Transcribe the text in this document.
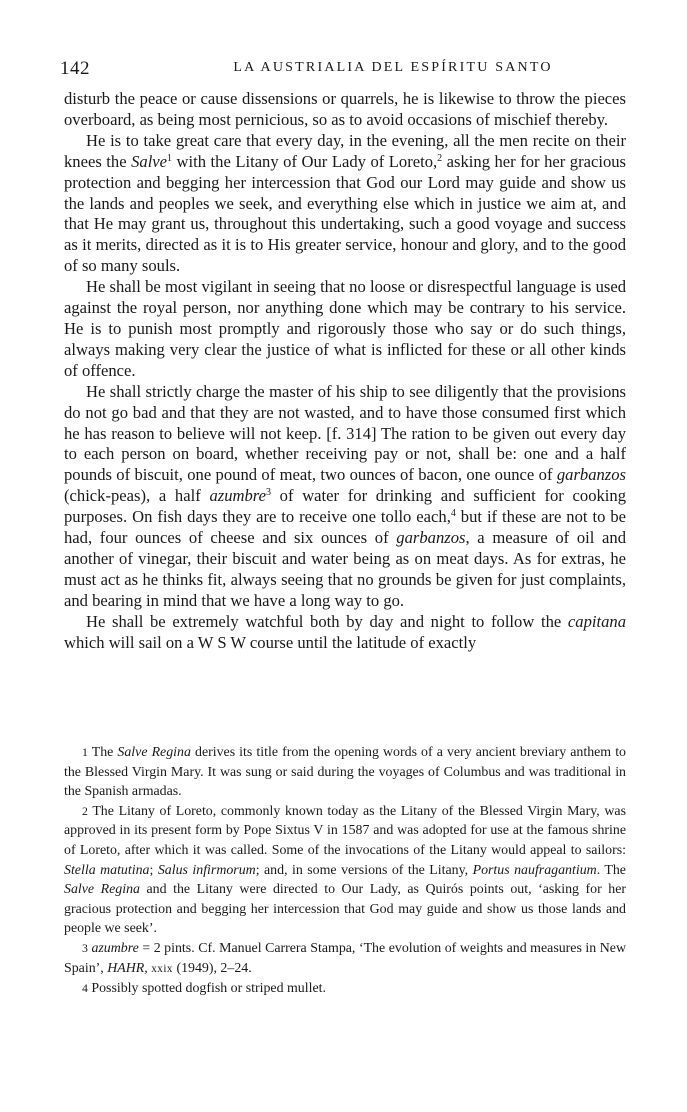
142	LA AUSTRIALIA DEL ESPÍRITU SANTO

disturb the peace or cause dissensions or quarrels, he is likewise to throw the pieces overboard, as being most pernicious, so as to avoid occasions of mischief thereby.

He is to take great care that every day, in the evening, all the men recite on their knees the Salve$^1$ with the Litany of Our Lady of Loreto,$^2$ asking her for her gracious protection and begging her intercession that God our Lord may guide and show us the lands and peoples we seek, and everything else which in justice we aim at, and that He may grant us, throughout this undertaking, such a good voyage and success as it merits, directed as it is to His greater service, honour and glory, and to the good of so many souls.

He shall be most vigilant in seeing that no loose or disrespectful language is used against the royal person, nor anything done which may be contrary to his service. He is to punish most promptly and rigorously those who say or do such things, always making very clear the justice of what is inflicted for these or all other kinds of offence.

He shall strictly charge the master of his ship to see diligently that the provisions do not go bad and that they are not wasted, and to have those consumed first which he has reason to believe will not keep. [f. 314] The ration to be given out every day to each person on board, whether receiving pay or not, shall be: one and a half pounds of biscuit, one pound of meat, two ounces of bacon, one ounce of garbanzos (chick-peas), a half azumbre$^3$ of water for drinking and sufficient for cooking purposes. On fish days they are to receive one tollo each,$^4$ but if these are not to be had, four ounces of cheese and six ounces of garbanzos, a measure of oil and another of vinegar, their biscuit and water being as on meat days. As for extras, he must act as he thinks fit, always seeing that no grounds be given for just complaints, and bearing in mind that we have a long way to go.

He shall be extremely watchful both by day and night to follow the capitana which will sail on a W S W course until the latitude of exactly

1 The Salve Regina derives its title from the opening words of a very ancient breviary anthem to the Blessed Virgin Mary. It was sung or said during the voyages of Columbus and was traditional in the Spanish armadas.

2 The Litany of Loreto, commonly known today as the Litany of the Blessed Virgin Mary, was approved in its present form by Pope Sixtus V in 1587 and was adopted for use at the famous shrine of Loreto, after which it was called. Some of the invocations of the Litany would appeal to sailors: Stella matutina; Salus infirmorum; and, in some versions of the Litany, Portus naufragantium. The Salve Regina and the Litany were directed to Our Lady, as Quirós points out, ‘asking for her gracious protection and begging her intercession that God may guide and show us those lands and people we seek’.

3 azumbre = 2 pints. Cf. Manuel Carrera Stampa, ‘The evolution of weights and measures in New Spain’, HAHR, xxix (1949), 2–24.

4 Possibly spotted dogfish or striped mullet.
